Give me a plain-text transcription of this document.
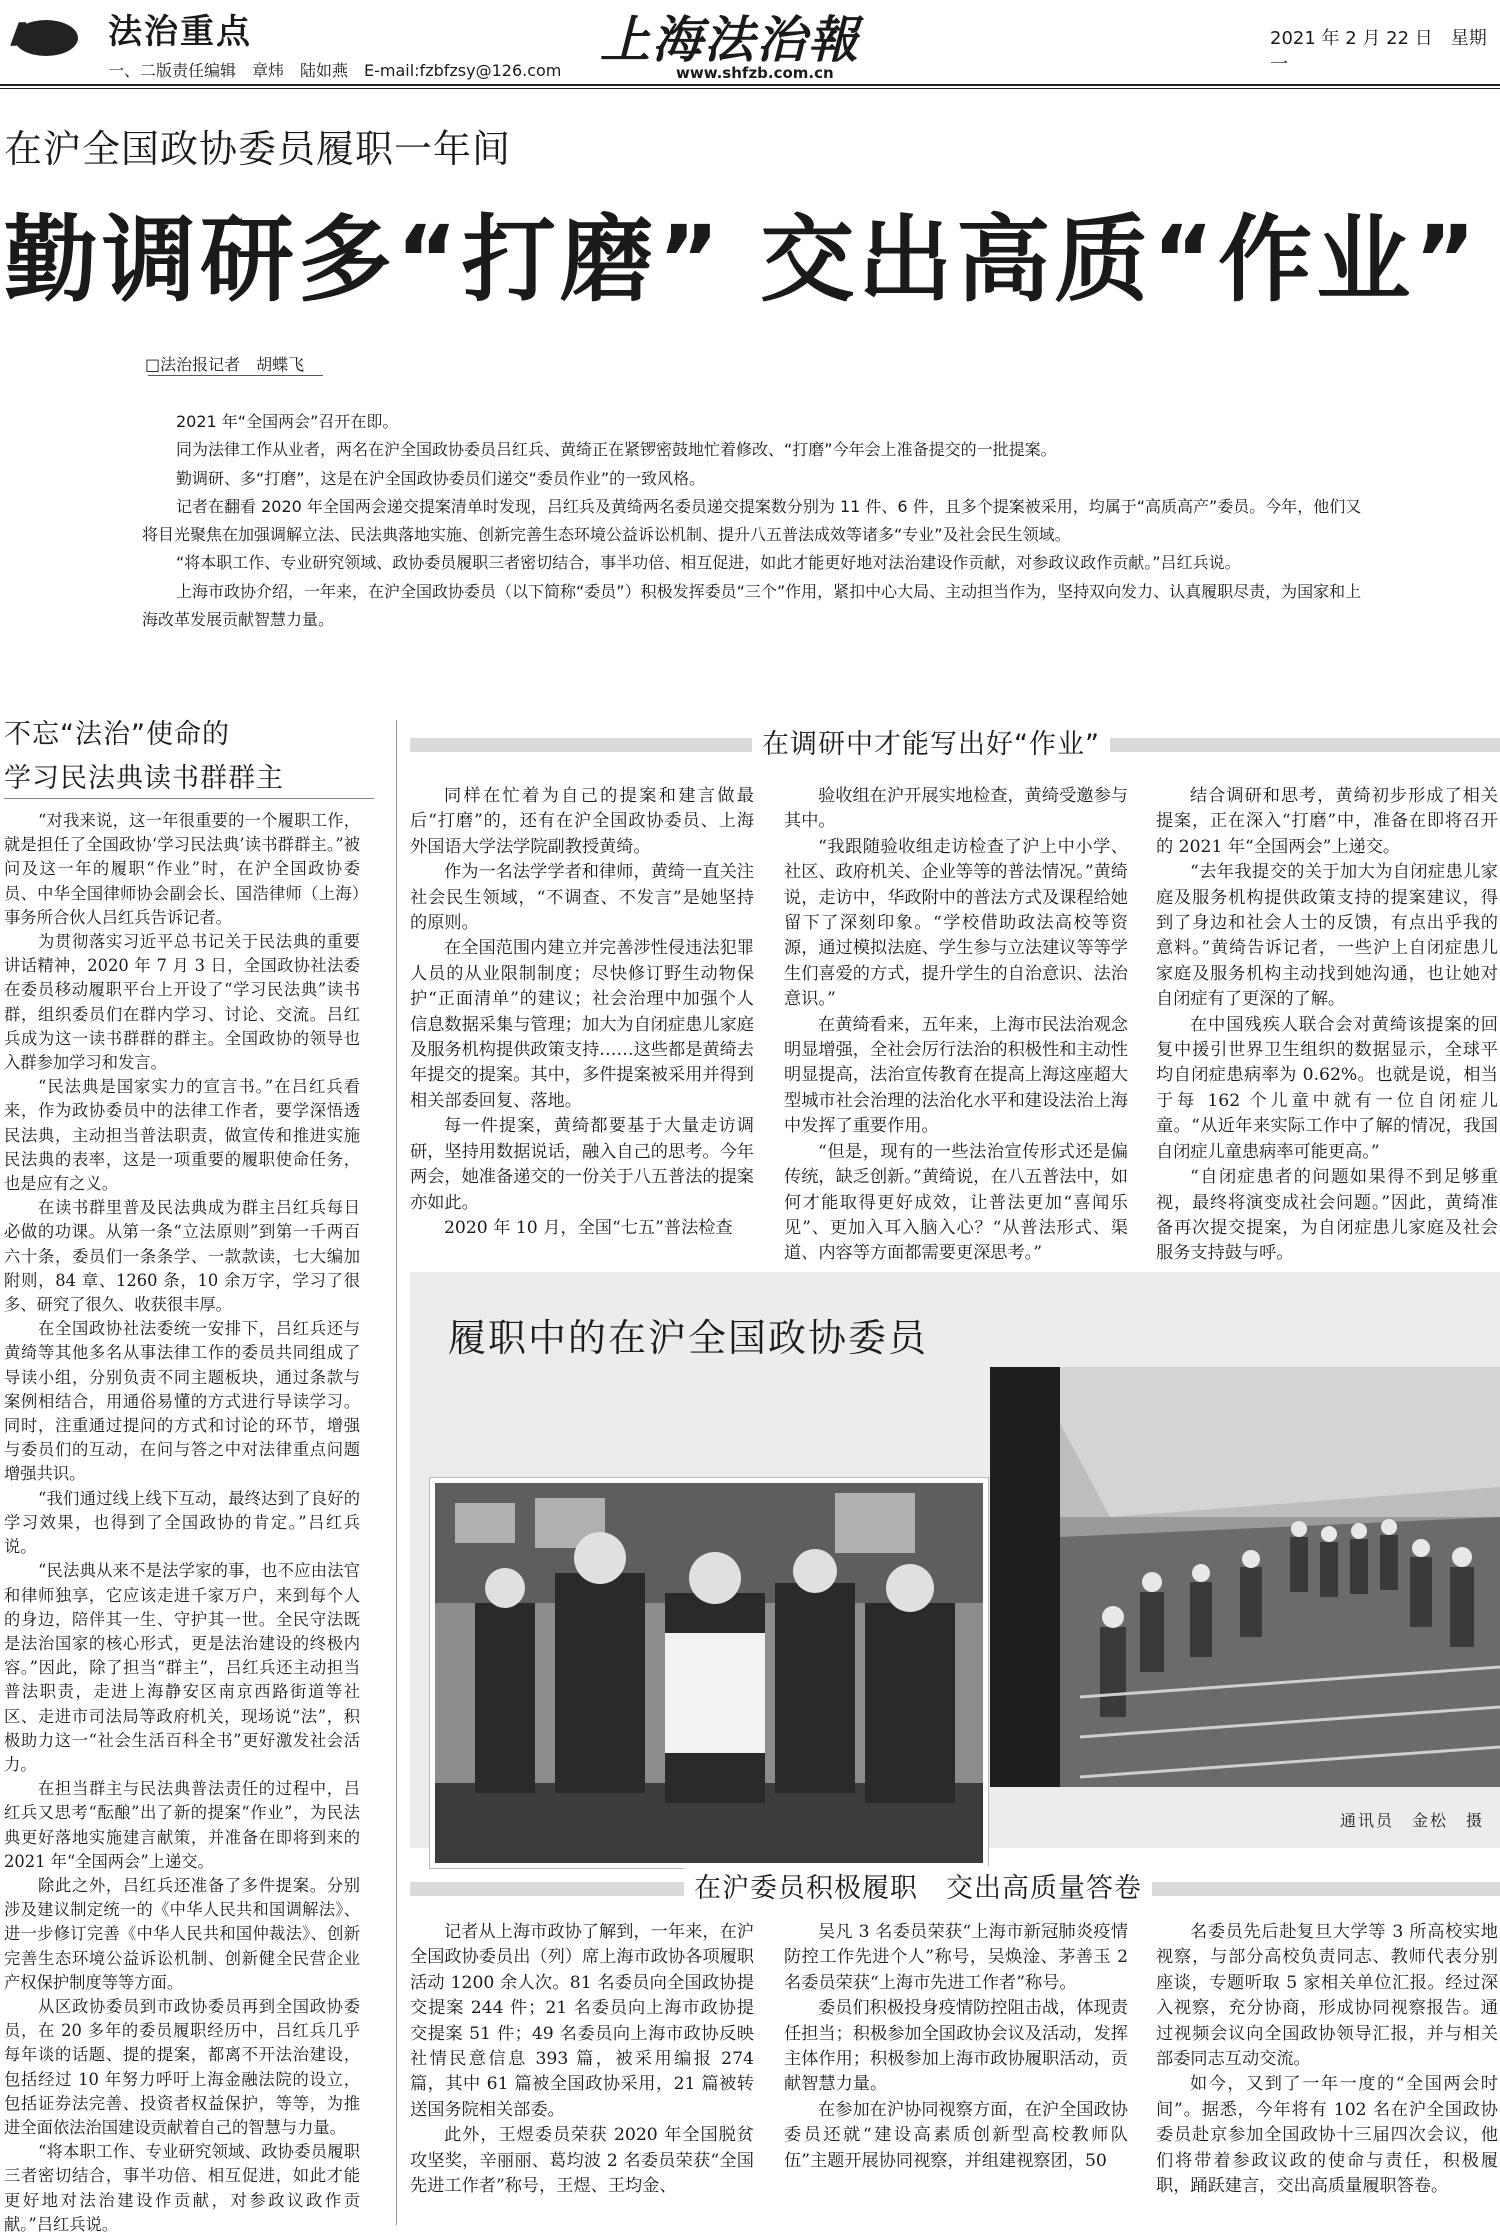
A2 法治重点
一、二版责任编辑　章炜　陆如燕　E-mail:fzbfzsy@126.com
上海法治報
www.shfzb.com.cn
2021 年 2 月 22 日　星期一
在沪全国政协委员履职一年间
勤调研多“打磨” 交出高质“作业”
□法治报记者　胡蝶飞

2021 年“全国两会”召开在即。

同为法律工作从业者，两名在沪全国政协委员吕红兵、黄绮正在紧锣密鼓地忙着修改、“打磨”今年会上准备提交的一批提案。

勤调研、多“打磨”，这是在沪全国政协委员们递交“委员作业”的一致风格。

记者在翻看 2020 年全国两会递交提案清单时发现，吕红兵及黄绮两名委员递交提案数分别为 11 件、6 件，且多个提案被采用，均属于“高质高产”委员。今年，他们又将目光聚焦在加强调解立法、民法典落地实施、创新完善生态环境公益诉讼机制、提升八五普法成效等诸多“专业”及社会民生领域。

“将本职工作、专业研究领域、政协委员履职三者密切结合，事半功倍、相互促进，如此才能更好地对法治建设作贡献，对参政议政作贡献。”吕红兵说。

上海市政协介绍，一年来，在沪全国政协委员（以下简称“委员”）积极发挥委员“三个”作用，紧扣中心大局、主动担当作为，坚持双向发力、认真履职尽责，为国家和上海改革发展贡献智慧力量。

不忘“法治”使命的
学习民法典读书群群主
在调研中才能写出好“作业”

“对我来说，这一年很重要的一个履职工作，就是担任了全国政协‘学习民法典’读书群群主。”被问及这一年的履职“作业”时，在沪全国政协委员、中华全国律师协会副会长、国浩律师（上海）事务所合伙人吕红兵告诉记者。

为贯彻落实习近平总书记关于民法典的重要讲话精神，2020 年 7 月 3 日，全国政协社法委在委员移动履职平台上开设了“学习民法典”读书群，组织委员们在群内学习、讨论、交流。吕红兵成为这一读书群群的群主。全国政协的领导也入群参加学习和发言。

“民法典是国家实力的宣言书。”在吕红兵看来，作为政协委员中的法律工作者，要学深悟透民法典，主动担当普法职责，做宣传和推进实施民法典的表率，这是一项重要的履职使命任务，也是应有之义。

在读书群里普及民法典成为群主吕红兵每日必做的功课。从第一条“立法原则”到第一千两百六十条，委员们一条条学、一款款读，七大编加附则，84 章、1260 条，10 余万字，学习了很多、研究了很久、收获很丰厚。

在全国政协社法委统一安排下，吕红兵还与黄绮等其他多名从事法律工作的委员共同组成了导读小组，分别负责不同主题板块，通过条款与案例相结合，用通俗易懂的方式进行导读学习。同时，注重通过提问的方式和讨论的环节，增强与委员们的互动，在问与答之中对法律重点问题增强共识。

“我们通过线上线下互动，最终达到了良好的学习效果，也得到了全国政协的肯定。”吕红兵说。

“民法典从来不是法学家的事，也不应由法官和律师独享，它应该走进千家万户，来到每个人的身边，陪伴其一生、守护其一世。全民守法既是法治国家的核心形式，更是法治建设的终极内容。”因此，除了担当“群主”，吕红兵还主动担当普法职责，走进上海静安区南京西路街道等社区、走进市司法局等政府机关，现场说“法”，积极助力这一“社会生活百科全书”更好激发社会活力。

在担当群主与民法典普法责任的过程中，吕红兵又思考“酝酿”出了新的提案“作业”，为民法典更好落地实施建言献策，并准备在即将到来的 2021 年“全国两会”上递交。

除此之外，吕红兵还准备了多件提案。分别涉及建议制定统一的《中华人民共和国调解法》、进一步修订完善《中华人民共和国仲裁法》、创新完善生态环境公益诉讼机制、创新健全民营企业产权保护制度等等方面。

从区政协委员到市政协委员再到全国政协委员，在 20 多年的委员履职经历中，吕红兵几乎每年谈的话题、提的提案，都离不开法治建设，包括经过 10 年努力呼吁上海金融法院的设立，包括证券法完善、投资者权益保护，等等，为推进全面依法治国建设贡献着自己的智慧与力量。

“将本职工作、专业研究领域、政协委员履职三者密切结合，事半功倍、相互促进，如此才能更好地对法治建设作贡献，对参政议政作贡献。”吕红兵说。

同样在忙着为自己的提案和建言做最后“打磨”的，还有在沪全国政协委员、上海外国语大学法学院副教授黄绮。

作为一名法学学者和律师，黄绮一直关注社会民生领域，“不调查、不发言”是她坚持的原则。

在全国范围内建立并完善涉性侵违法犯罪人员的从业限制制度；尽快修订野生动物保护“正面清单”的建议；社会治理中加强个人信息数据采集与管理；加大为自闭症患儿家庭及服务机构提供政策支持……这些都是黄绮去年提交的提案。其中，多件提案被采用并得到相关部委回复、落地。

每一件提案，黄绮都要基于大量走访调研，坚持用数据说话，融入自己的思考。今年两会，她准备递交的一份关于八五普法的提案亦如此。

2020 年 10 月，全国“七五”普法检查

验收组在沪开展实地检查，黄绮受邀参与其中。

“我跟随验收组走访检查了沪上中小学、社区、政府机关、企业等等的普法情况。”黄绮说，走访中，华政附中的普法方式及课程给她留下了深刻印象。“学校借助政法高校等资源，通过模拟法庭、学生参与立法建议等等学生们喜爱的方式，提升学生的自治意识、法治意识。”

在黄绮看来，五年来，上海市民法治观念明显增强，全社会厉行法治的积极性和主动性明显提高，法治宣传教育在提高上海这座超大型城市社会治理的法治化水平和建设法治上海中发挥了重要作用。

“但是，现有的一些法治宣传形式还是偏传统，缺乏创新。”黄绮说，在八五普法中，如何才能取得更好成效，让普法更加“喜闻乐见”、更加入耳入脑入心？“从普法形式、渠道、内容等方面都需要更深思考。”

结合调研和思考，黄绮初步形成了相关提案，正在深入“打磨”中，准备在即将召开的 2021 年“全国两会”上递交。

“去年我提交的关于加大为自闭症患儿家庭及服务机构提供政策支持的提案建议，得到了身边和社会人士的反馈，有点出乎我的意料。”黄绮告诉记者，一些沪上自闭症患儿家庭及服务机构主动找到她沟通，也让她对自闭症有了更深的了解。

在中国残疾人联合会对黄绮该提案的回复中援引世界卫生组织的数据显示，全球平均自闭症患病率为 0.62%。也就是说，相当于每 162 个儿童中就有一位自闭症儿童。“从近年来实际工作中了解的情况，我国自闭症儿童患病率可能更高。”

“自闭症患者的问题如果得不到足够重视，最终将演变成社会问题。”因此，黄绮准备再次提交提案，为自闭症患儿家庭及社会服务支持鼓与呼。

履职中的在沪全国政协委员
通讯员　金松　摄
在沪委员积极履职　交出高质量答卷

记者从上海市政协了解到，一年来，在沪全国政协委员出（列）席上海市政协各项履职活动 1200 余人次。81 名委员向全国政协提交提案 244 件；21 名委员向上海市政协提交提案 51 件；49 名委员向上海市政协反映社情民意信息 393 篇，被采用编报 274 篇，其中 61 篇被全国政协采用，21 篇被转送国务院相关部委。

此外，王煜委员荣获 2020 年全国脱贫攻坚奖，辛丽丽、葛均波 2 名委员荣获“全国先进工作者”称号，王煜、王均金、

吴凡 3 名委员荣获“上海市新冠肺炎疫情防控工作先进个人”称号，吴焕淦、茅善玉 2 名委员荣获“上海市先进工作者”称号。

委员们积极投身疫情防控阻击战，体现责任担当；积极参加全国政协会议及活动，发挥主体作用；积极参加上海市政协履职活动，贡献智慧力量。

在参加在沪协同视察方面，在沪全国政协委员还就“建设高素质创新型高校教师队伍”主题开展协同视察，并组建视察团，50

名委员先后赴复旦大学等 3 所高校实地视察，与部分高校负责同志、教师代表分别座谈，专题听取 5 家相关单位汇报。经过深入视察，充分协商，形成协同视察报告。通过视频会议向全国政协领导汇报，并与相关部委同志互动交流。

如今，又到了一年一度的“全国两会时间”。据悉，今年将有 102 名在沪全国政协委员赴京参加全国政协十三届四次会议，他们将带着参政议政的使命与责任，积极履职，踊跃建言，交出高质量履职答卷。
